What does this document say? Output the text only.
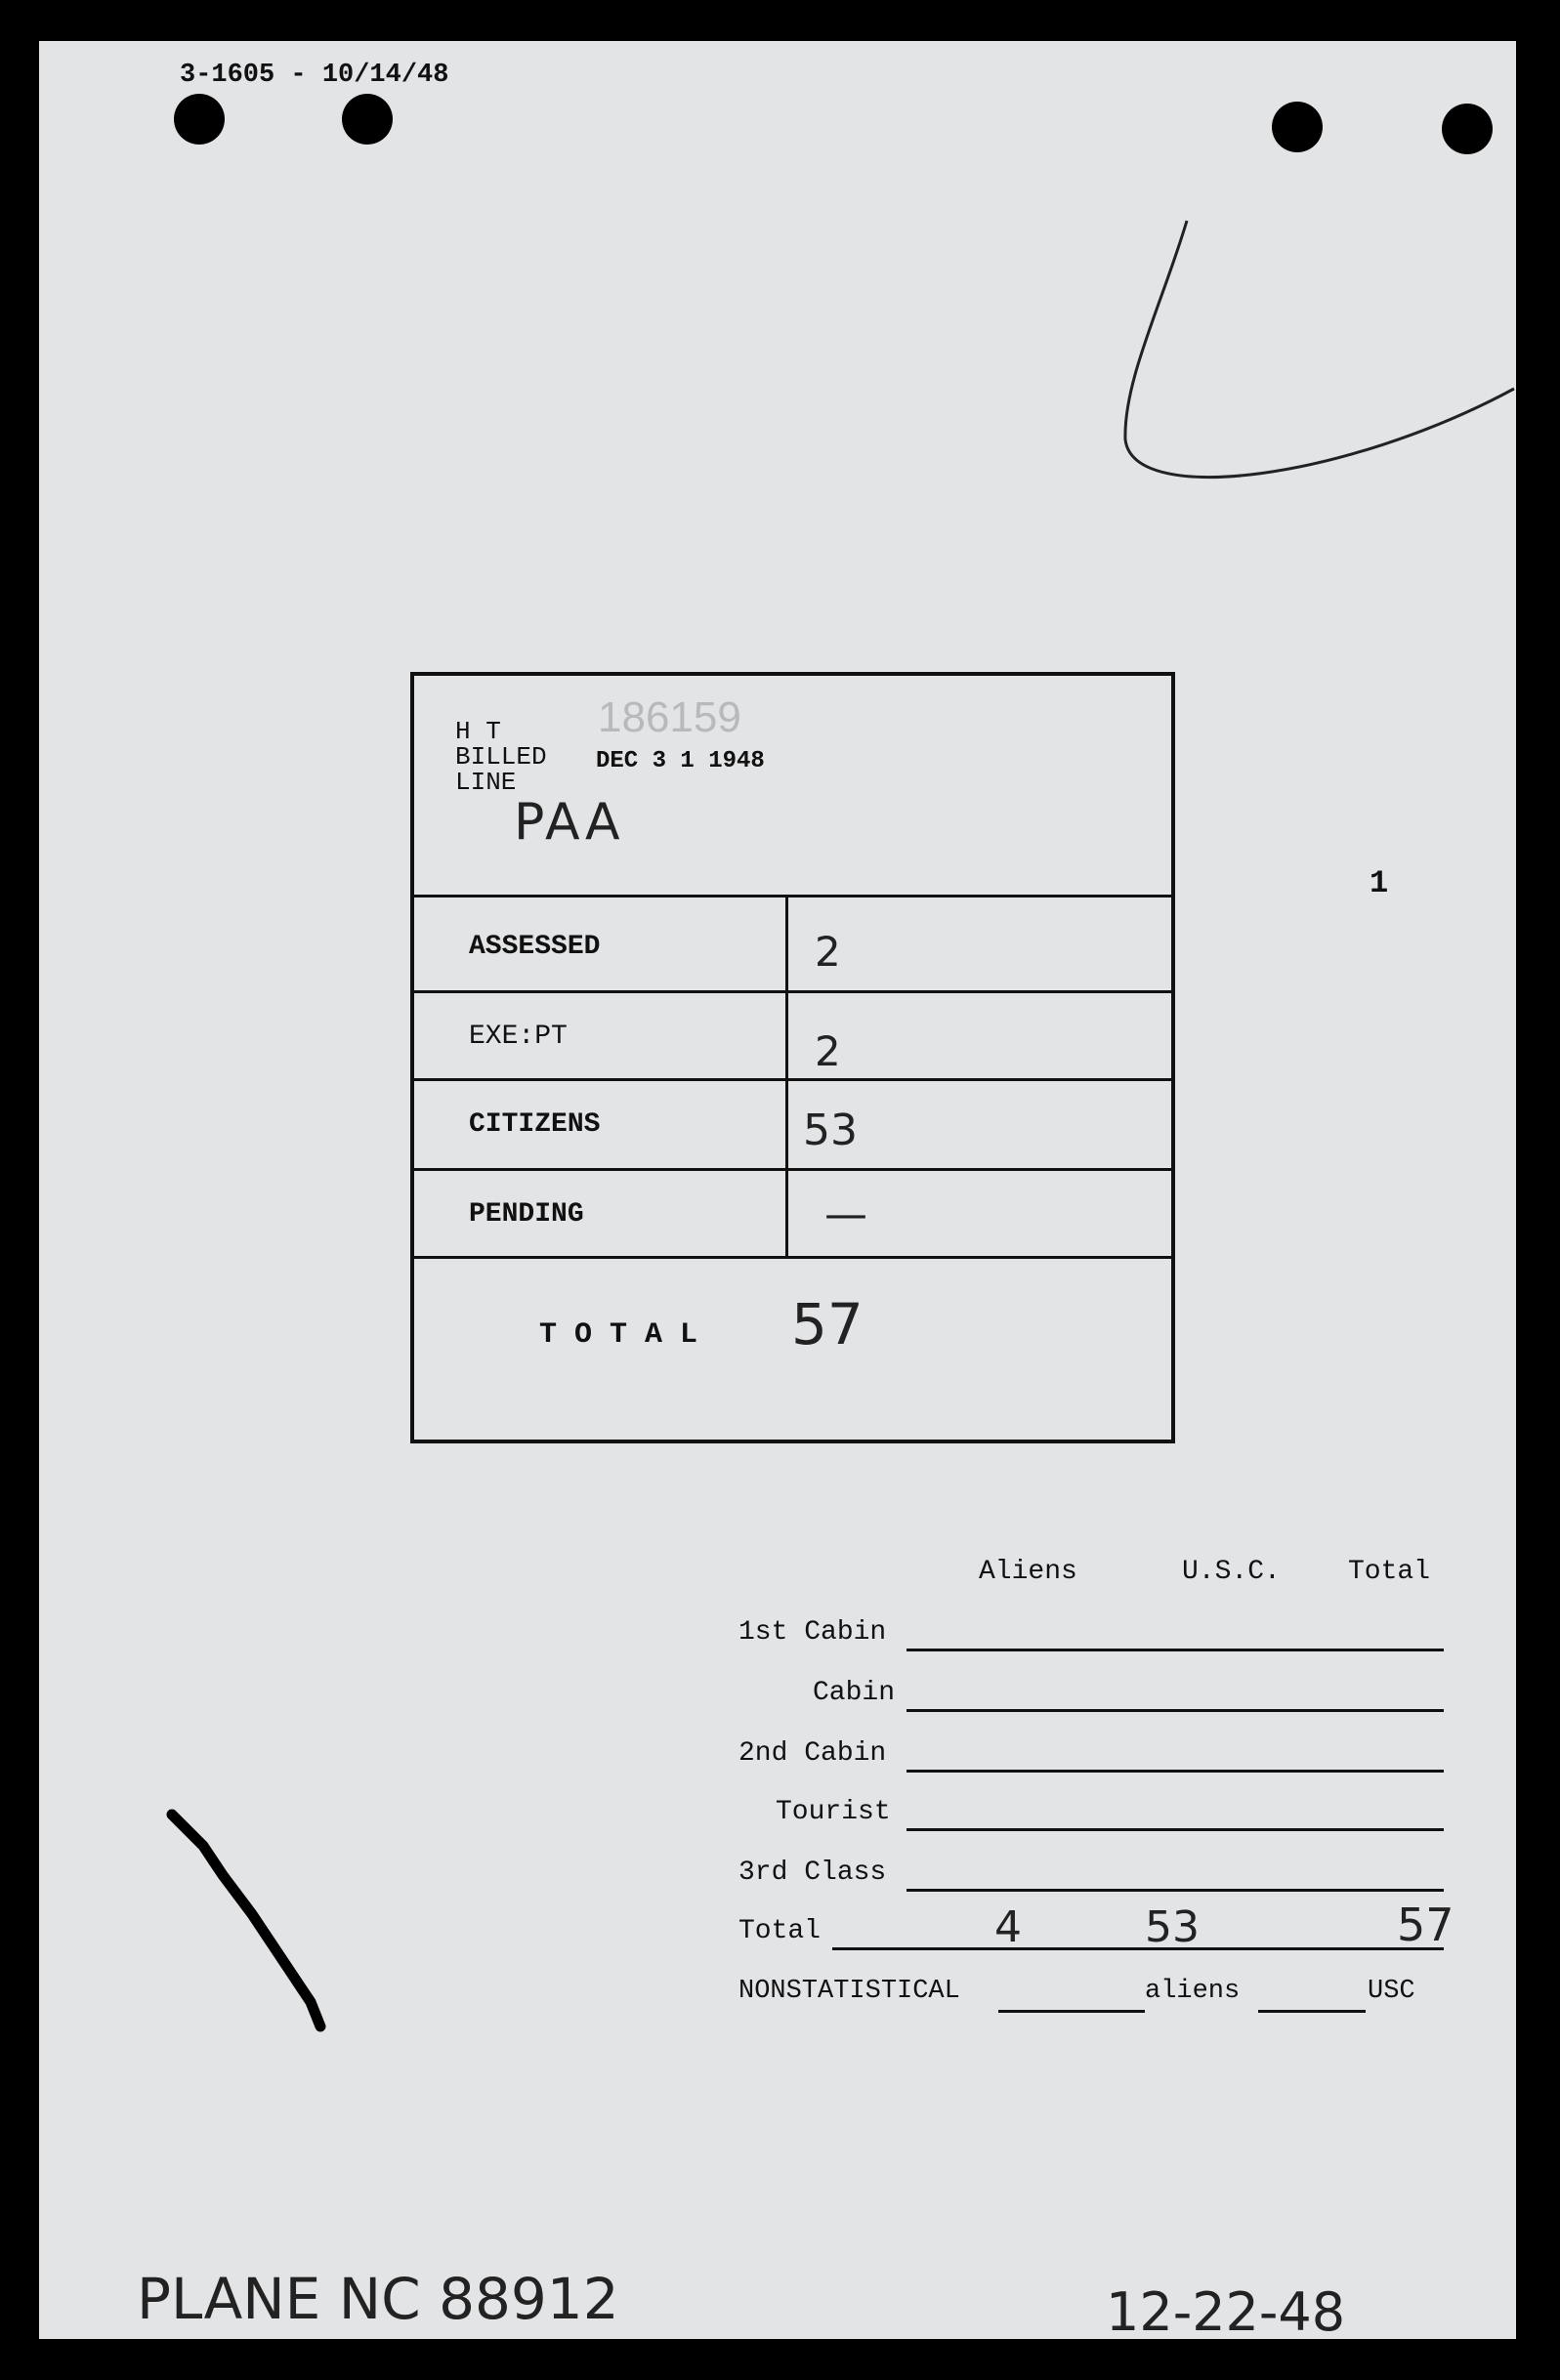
3-1605 - 10/14/48
H T
BILLED
LINE
186159
DEC 3 1 1948
PAA
ASSESSED	2
EXE:PT	2
CITIZENS	53
PENDING	—
T O T A L 57
1
Aliens	U.S.C. Total
1st Cabin
Cabin
2nd Cabin
Tourist
3rd Class
Total	4	53	57
NONSTATISTICAL	aliens	USC
PLANE NC 88912	12-22-48
